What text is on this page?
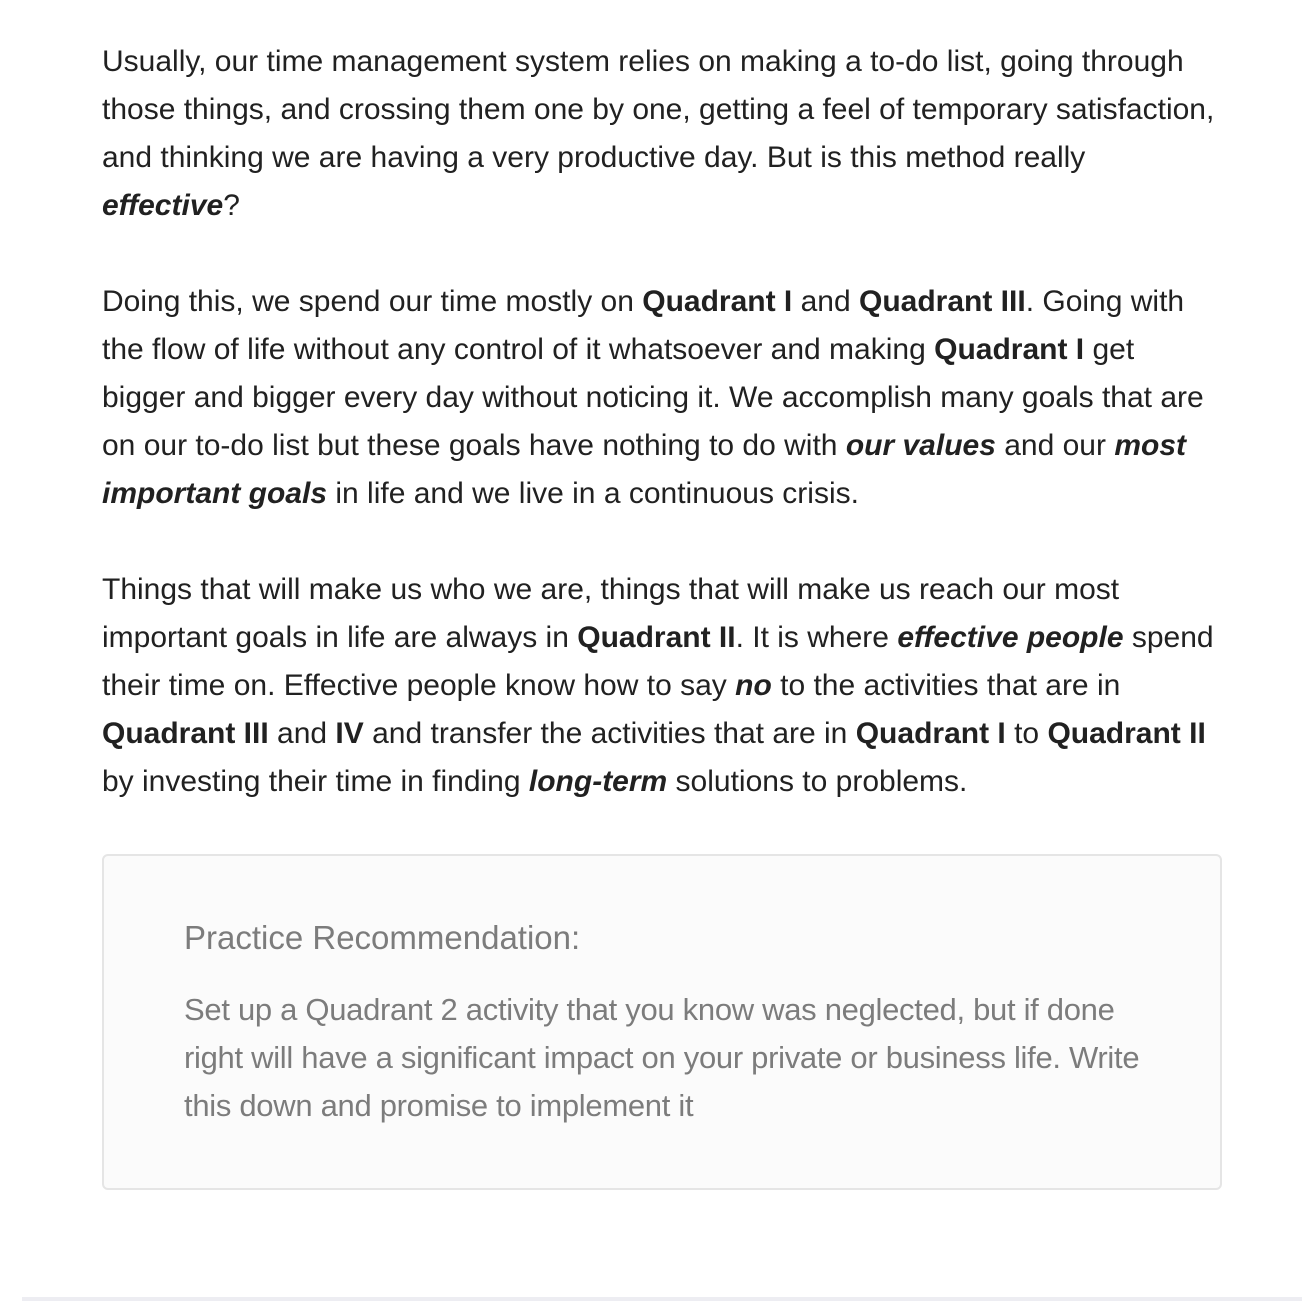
Usually, our time management system relies on making a to-do list, going through those things, and crossing them one by one, getting a feel of temporary satisfaction, and thinking we are having a very productive day. But is this method really effective?

Doing this, we spend our time mostly on Quadrant I and Quadrant III. Going with the flow of life without any control of it whatsoever and making Quadrant I get bigger and bigger every day without noticing it. We accomplish many goals that are on our to-do list but these goals have nothing to do with our values and our most important goals in life and we live in a continuous crisis.

Things that will make us who we are, things that will make us reach our most important goals in life are always in Quadrant II. It is where effective people spend their time on. Effective people know how to say no to the activities that are in Quadrant III and IV and transfer the activities that are in Quadrant I to Quadrant II by investing their time in finding long-term solutions to problems.

Practice Recommendation:

Set up a Quadrant 2 activity that you know was neglected, but if done right will have a significant impact on your private or business life. Write this down and promise to implement it
